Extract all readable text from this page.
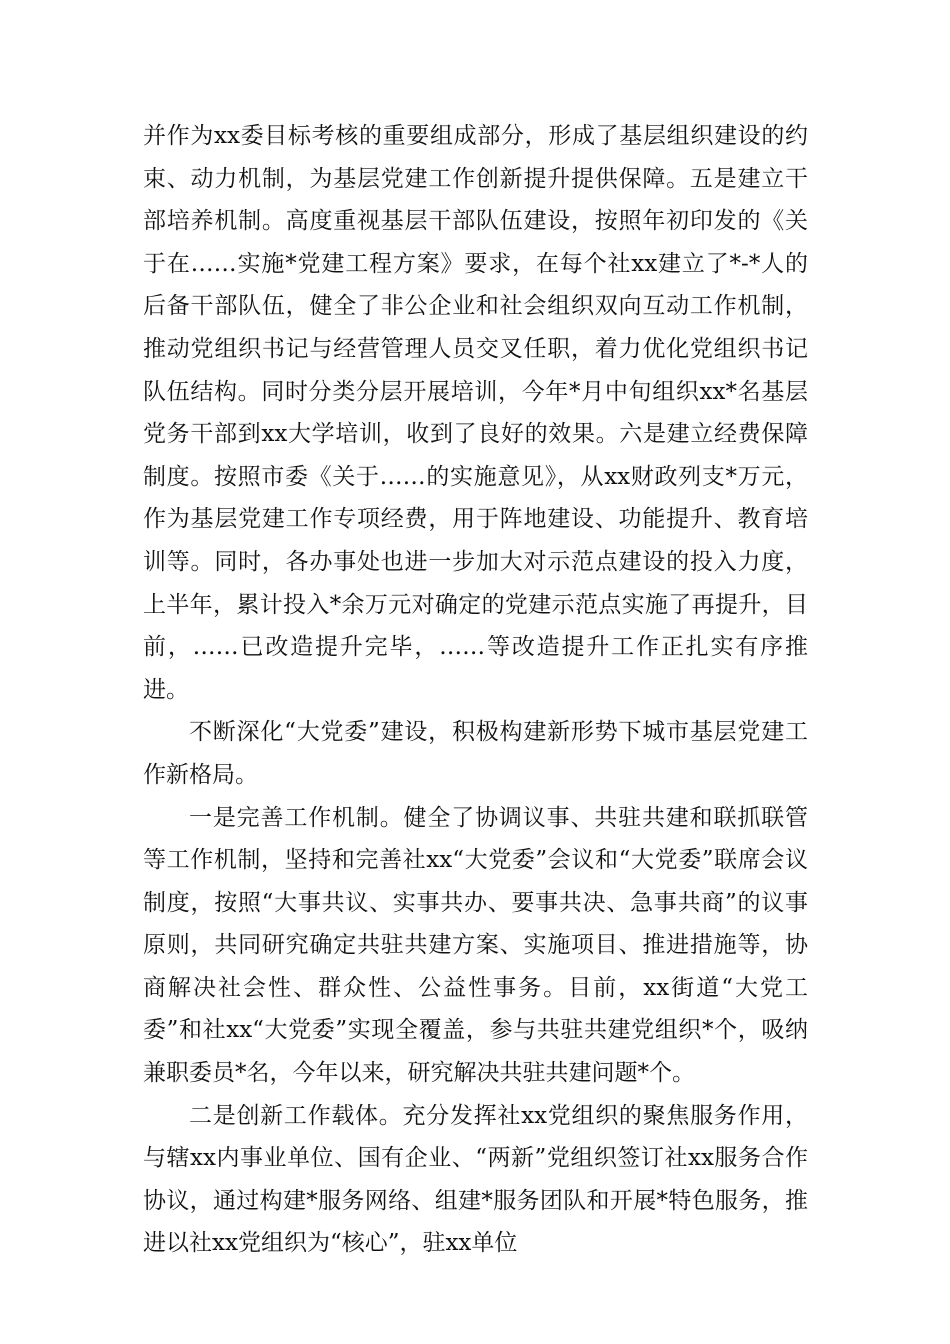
并作为xx委目标考核的重要组成部分，形成了基层组织建设的约束、动力机制，为基层党建工作创新提升提供保障。五是建立干部培养机制。高度重视基层干部队伍建设，按照年初印发的《关于在……实施*党建工程方案》要求，在每个社xx建立了*-*人的后备干部队伍，健全了非公企业和社会组织双向互动工作机制，推动党组织书记与经营管理人员交叉任职，着力优化党组织书记队伍结构。同时分类分层开展培训，今年*月中旬组织xx*名基层党务干部到xx大学培训，收到了良好的效果。六是建立经费保障制度。按照市委《关于……的实施意见》，从xx财政列支*万元，作为基层党建工作专项经费，用于阵地建设、功能提升、教育培训等。同时，各办事处也进一步加大对示范点建设的投入力度，上半年，累计投入*余万元对确定的党建示范点实施了再提升，目前，……已改造提升完毕，……等改造提升工作正扎实有序推进。

不断深化“大党委”建设，积极构建新形势下城市基层党建工作新格局。

一是完善工作机制。健全了协调议事、共驻共建和联抓联管等工作机制，坚持和完善社xx“大党委”会议和“大党委”联席会议制度，按照“大事共议、实事共办、要事共决、急事共商”的议事原则，共同研究确定共驻共建方案、实施项目、推进措施等，协商解决社会性、群众性、公益性事务。目前，xx街道“大党工委”和社xx“大党委”实现全覆盖，参与共驻共建党组织*个，吸纳兼职委员*名，今年以来，研究解决共驻共建问题*个。

二是创新工作载体。充分发挥社xx党组织的聚焦服务作用，与辖xx内事业单位、国有企业、“两新”党组织签订社xx服务合作协议，通过构建*服务网络、组建*服务团队和开展*特色服务，推进以社xx党组织为“核心”，驻xx单位
